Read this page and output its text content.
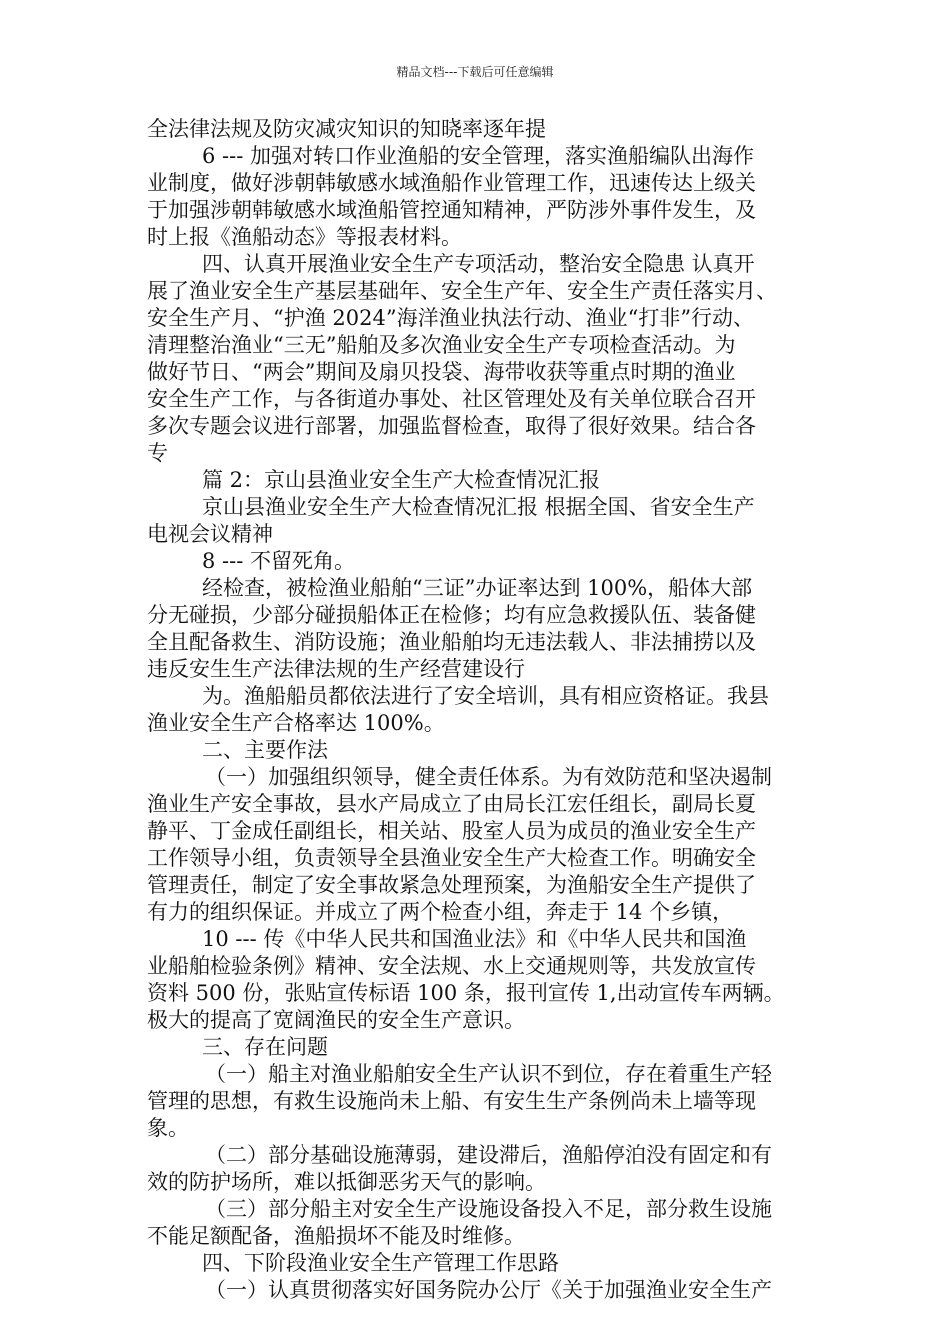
精品文档---下载后可任意编辑
全法律法规及防灾减灾知识的知晓率逐年提
6 --- 加强对转口作业渔船的安全管理，落实渔船编队出海作
业制度，做好涉朝韩敏感水域渔船作业管理工作，迅速传达上级关
于加强涉朝韩敏感水域渔船管控通知精神，严防涉外事件发生，及
时上报《渔船动态》等报表材料。
四、认真开展渔业安全生产专项活动，整治安全隐患 认真开
展了渔业安全生产基层基础年、安全生产年、安全生产责任落实月、
安全生产月、“护渔 2024”海洋渔业执法行动、渔业“打非”行动、
清理整治渔业“三无”船舶及多次渔业安全生产专项检查活动。为
做好节日、“两会”期间及扇贝投袋、海带收获等重点时期的渔业
安全生产工作，与各街道办事处、社区管理处及有关单位联合召开
多次专题会议进行部署，加强监督检查，取得了很好效果。结合各
专
篇 2：京山县渔业安全生产大检查情况汇报
京山县渔业安全生产大检查情况汇报 根据全国、省安全生产
电视会议精神
8 --- 不留死角。
经检查，被检渔业船舶“三证”办证率达到 100%，船体大部
分无碰损，少部分碰损船体正在检修；均有应急救援队伍、装备健
全且配备救生、消防设施；渔业船舶均无违法载人、非法捕捞以及
违反安生生产法律法规的生产经营建设行
为。渔船船员都依法进行了安全培训，具有相应资格证。我县
渔业安全生产合格率达 100%。
二、主要作法
（一）加强组织领导，健全责任体系。为有效防范和坚决遏制
渔业生产安全事故，县水产局成立了由局长江宏任组长，副局长夏
静平、丁金成任副组长，相关站、股室人员为成员的渔业安全生产
工作领导小组，负责领导全县渔业安全生产大检查工作。明确安全
管理责任，制定了安全事故紧急处理预案，为渔船安全生产提供了
有力的组织保证。并成立了两个检查小组，奔走于 14 个乡镇，
10 --- 传《中华人民共和国渔业法》和《中华人民共和国渔
业船舶检验条例》精神、安全法规、水上交通规则等，共发放宣传
资料 500 份，张贴宣传标语 100 条，报刊宣传 1,出动宣传车两辆。
极大的提高了宽阔渔民的安全生产意识。
三、存在问题
（一）船主对渔业船舶安全生产认识不到位，存在着重生产轻
管理的思想，有救生设施尚未上船、有安生生产条例尚未上墙等现
象。
（二）部分基础设施薄弱，建设滞后，渔船停泊没有固定和有
效的防护场所，难以抵御恶劣天气的影响。
（三）部分船主对安全生产设施设备投入不足，部分救生设施
不能足额配备，渔船损坏不能及时维修。
四、下阶段渔业安全生产管理工作思路
（一）认真贯彻落实好国务院办公厅《关于加强渔业安全生产
